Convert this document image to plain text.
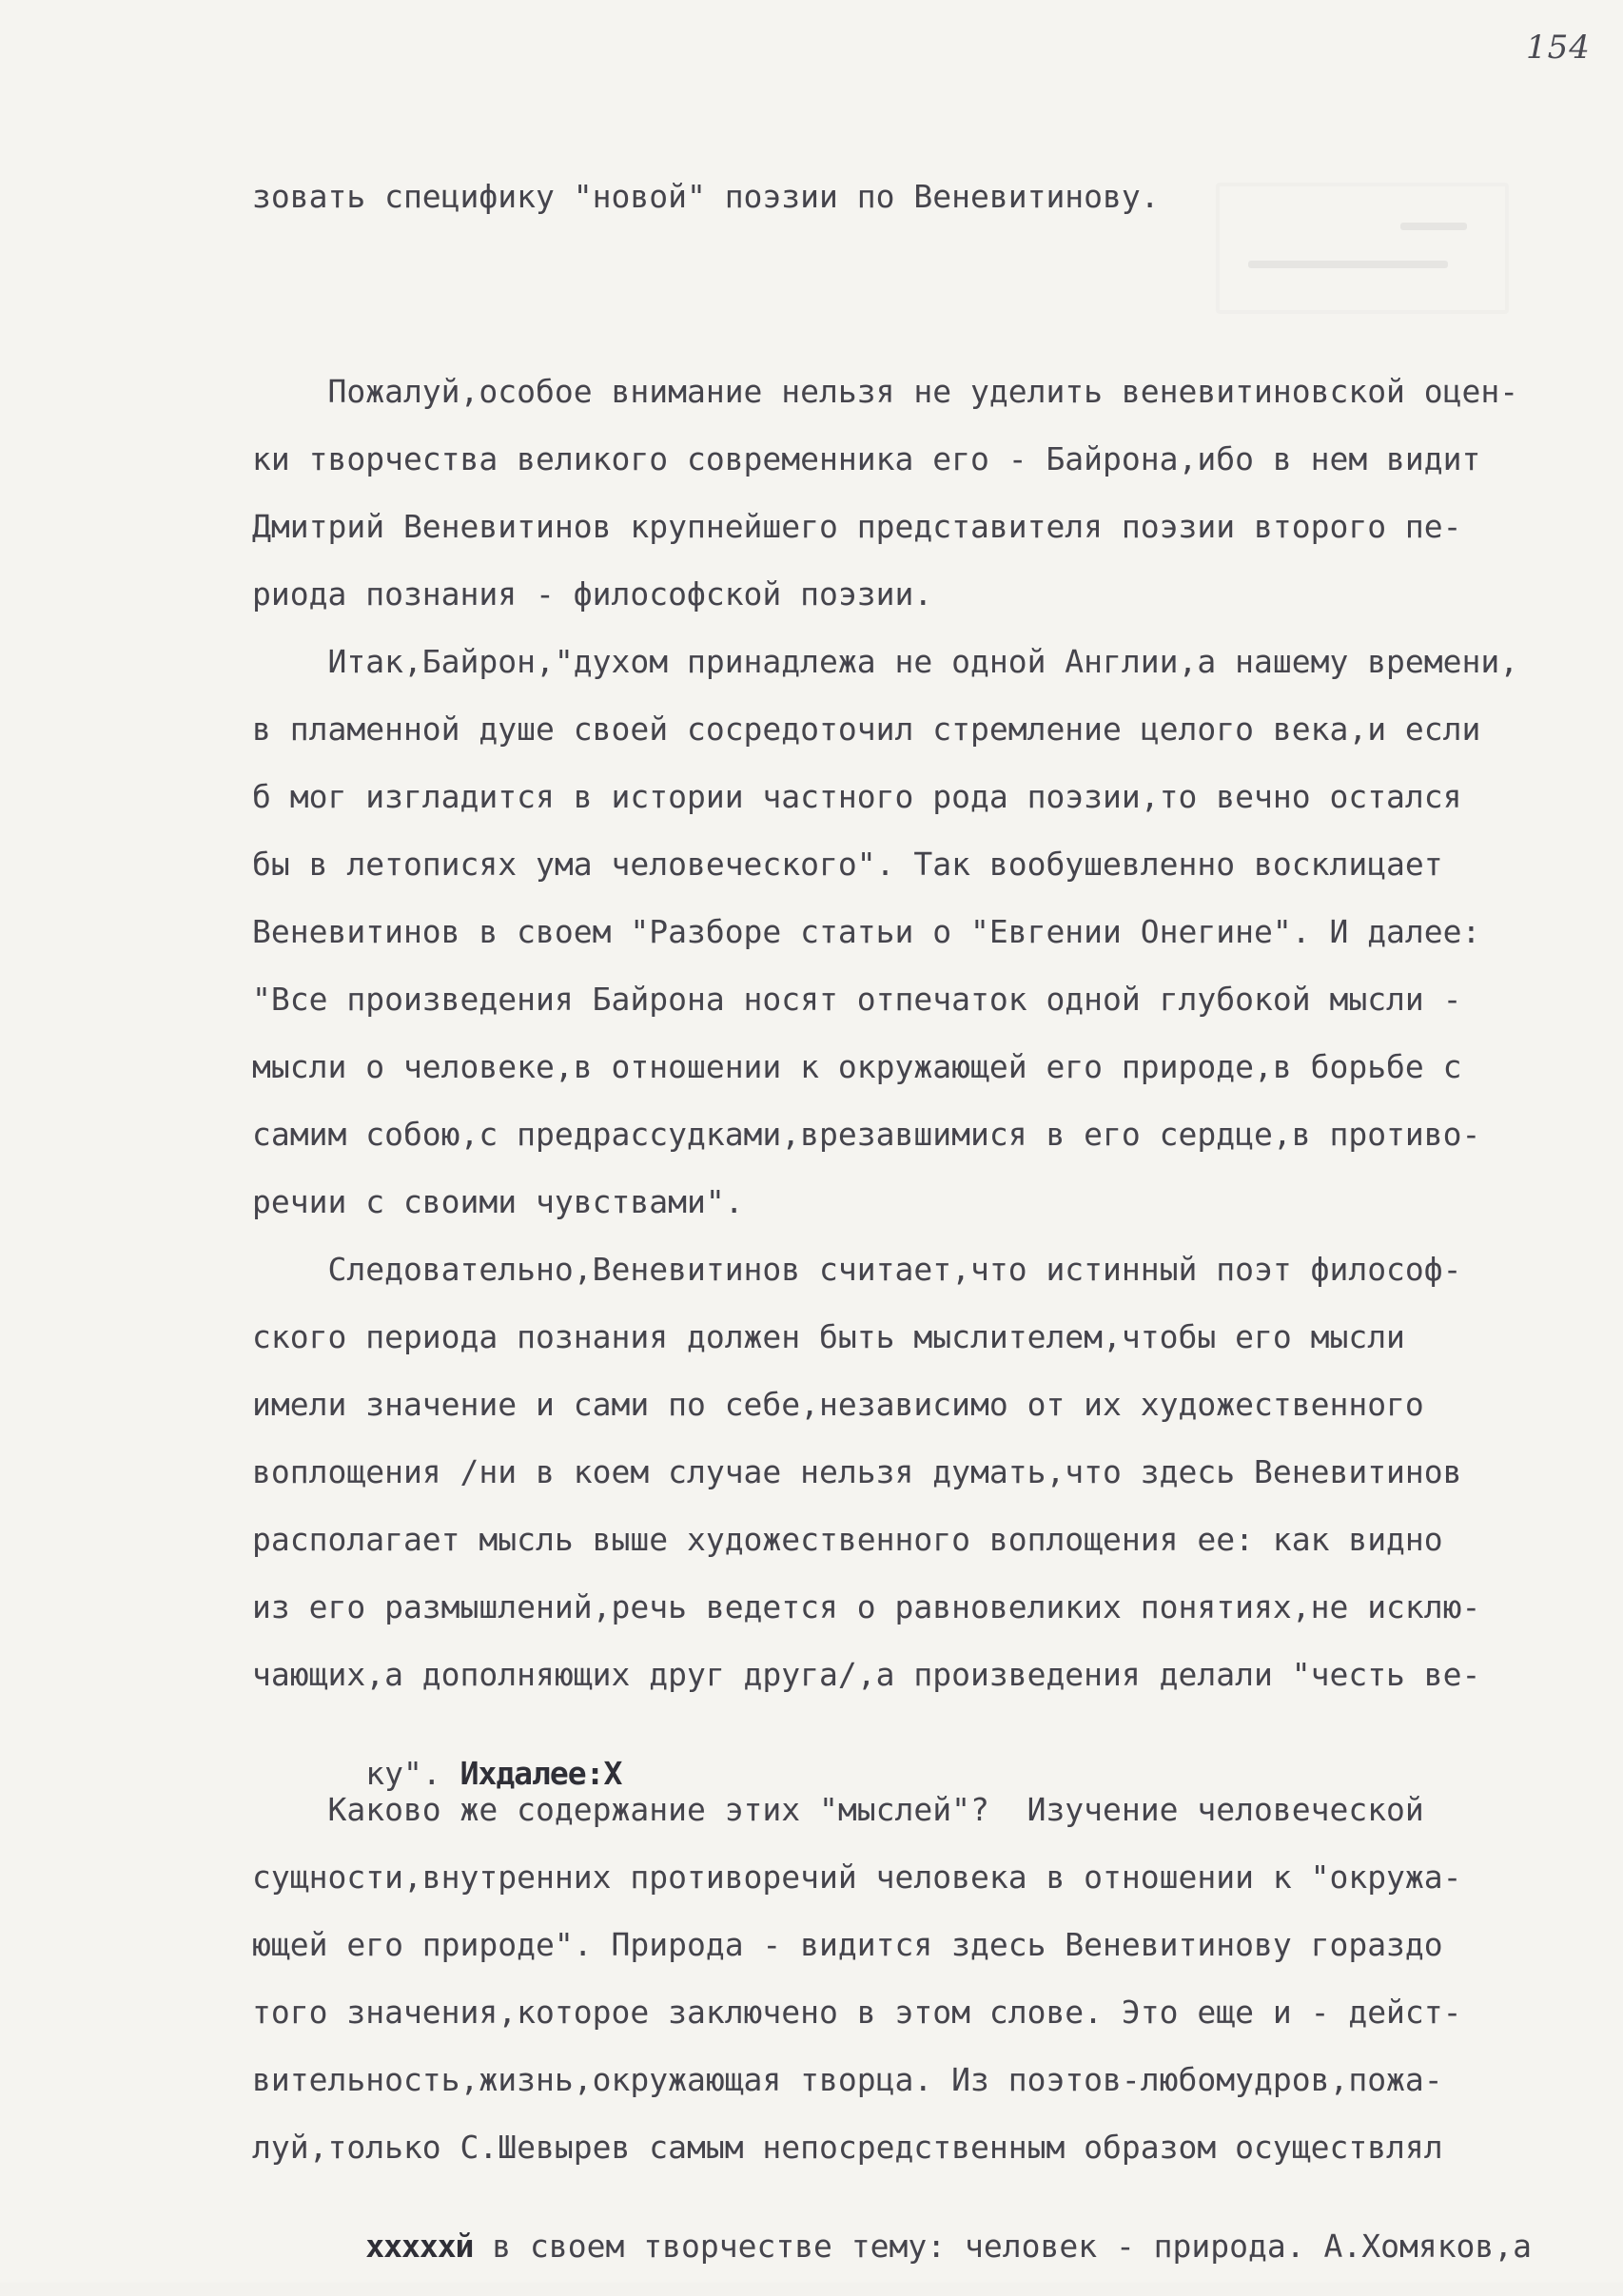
154
зовать специфику "новой" поэзии по Веневитинову.
Пожалуй,особое внимание нельзя не уделить веневитиновской оцен-
ки творчества великого современника его - Байрона,ибо в нем видит
Дмитрий Веневитинов крупнейшего представителя поэзии второго пе-
риода познания - философской поэзии.
Итак,Байрон,"духом принадлежа не одной Англии,а нашему времени,
в пламенной душе своей сосредоточил стремление целого века,и если
б мог изгладится в истории частного рода поэзии,то вечно остался
бы в летописях ума человеческого". Так вообушевленно восклицает
Веневитинов в своем "Разборе статьи о "Евгении Онегине". И далее:
"Все произведения Байрона носят отпечаток одной глубокой мысли -
мысли о человеке,в отношении к окружающей его природе,в борьбе с
самим собою,с предрассудками,врезавшимися в его сердце,в противо-
речии с своими чувствами".
Следовательно,Веневитинов считает,что истинный поэт философ-
ского периода познания должен быть мыслителем,чтобы его мысли
имели значение и сами по себе,независимо от их художественного
воплощения /ни в коем случае нельзя думать,что здесь Веневитинов
располагает мысль выше художественного воплощения ее: как видно
из его размышлений,речь ведется о равновеликих понятиях,не исклю-
чающих,а дополняющих друг друга/,а произведения делали "честь ве-

ку". Ихдалее:Х

Каково же содержание этих "мыслей"?  Изучение человеческой
сущности,внутренних противоречий человека в отношении к "окружа-
ющей его природе". Природа - видится здесь Веневитинову гораздо
того значения,которое заключено в этом слове. Это еще и - дейст-
вительность,жизнь,окружающая творца. Из поэтов-любомудров,пожа-
луй,только С.Шевырев самым непосредственным образом осуществлял

хххххй в своем творчестве тему: человек - природа. А.Хомяков,а
